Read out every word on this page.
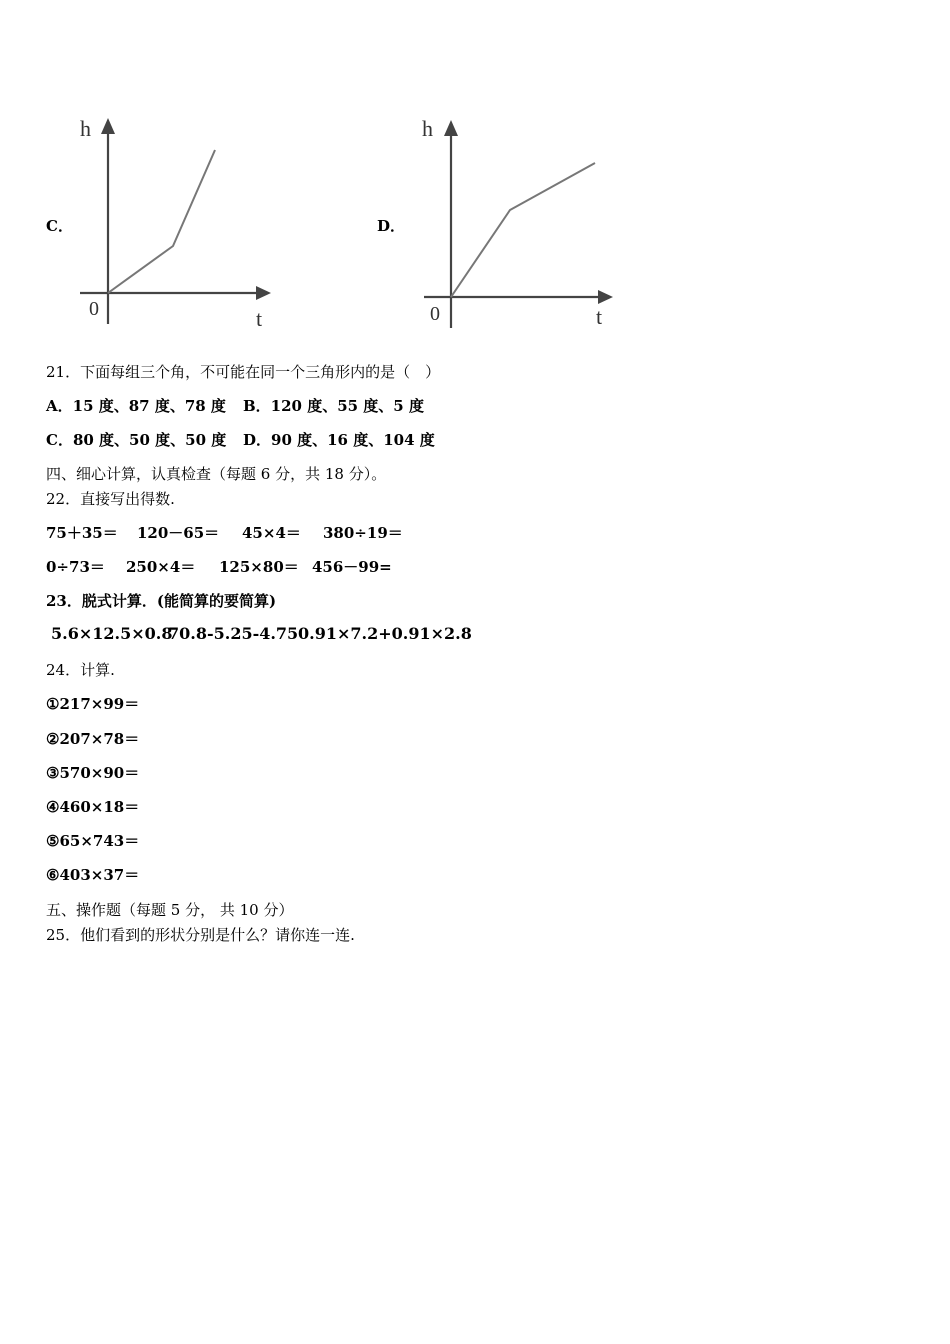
C．
h
t
0
D．
h
t
0
21．下面每组三个角，不可能在同一个三角形内的是（　）
A．15 度、87 度、78 度 B．120 度、55 度、5 度
C．80 度、50 度、50 度 D．90 度、16 度、104 度
四、细心计算，认真检查（每题 6 分，共 18 分）。
22．直接写出得数.
75＋35＝ 120－65＝ 45×4＝ 380÷19＝
0÷73＝ 250×4＝ 125×80＝ 456－99=
23．脱式计算．(能简算的要简算)
5.6×12.5×0.8
70.8-5.25-4.75 0.91×7.2+0.91×2.8
24．计算.
①217×99＝
②207×78＝
③570×90＝
④460×18＝
⑤65×743＝
⑥403×37＝
五、操作题（每题 5 分， 共 10 分）
25．他们看到的形状分别是什么？请你连一连.
